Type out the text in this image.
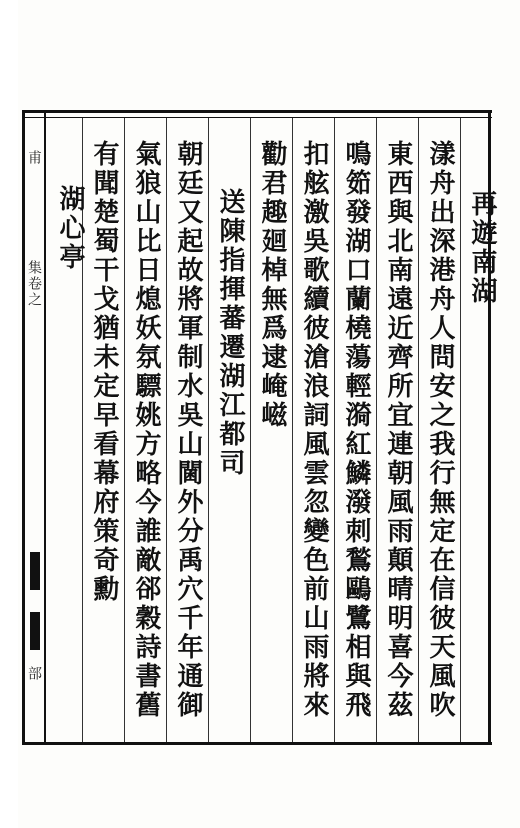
甫
集卷之
部
再遊南湖
漾舟出深港舟人問安之我行無定在信彼天風吹
東西與北南遠近齊所宜連朝風雨顛晴明喜今茲
鳴筎發湖口蘭橈蕩輕漪紅鱗潑刺鶖鷗鷺相與飛
扣舷激吳歌續彼滄浪詞風雲忽變色前山雨將來
勸君趣廻棹無爲逮崦嵫
送陳指揮蕃遷湖江都司
朝廷又起故將軍制水吳山閫外分禹穴千年通御
氣狼山比日熄妖氛驃姚方略今誰敵郤穀詩書舊
有聞楚蜀干戈猶未定早看幕府策奇勳
湖心亭
